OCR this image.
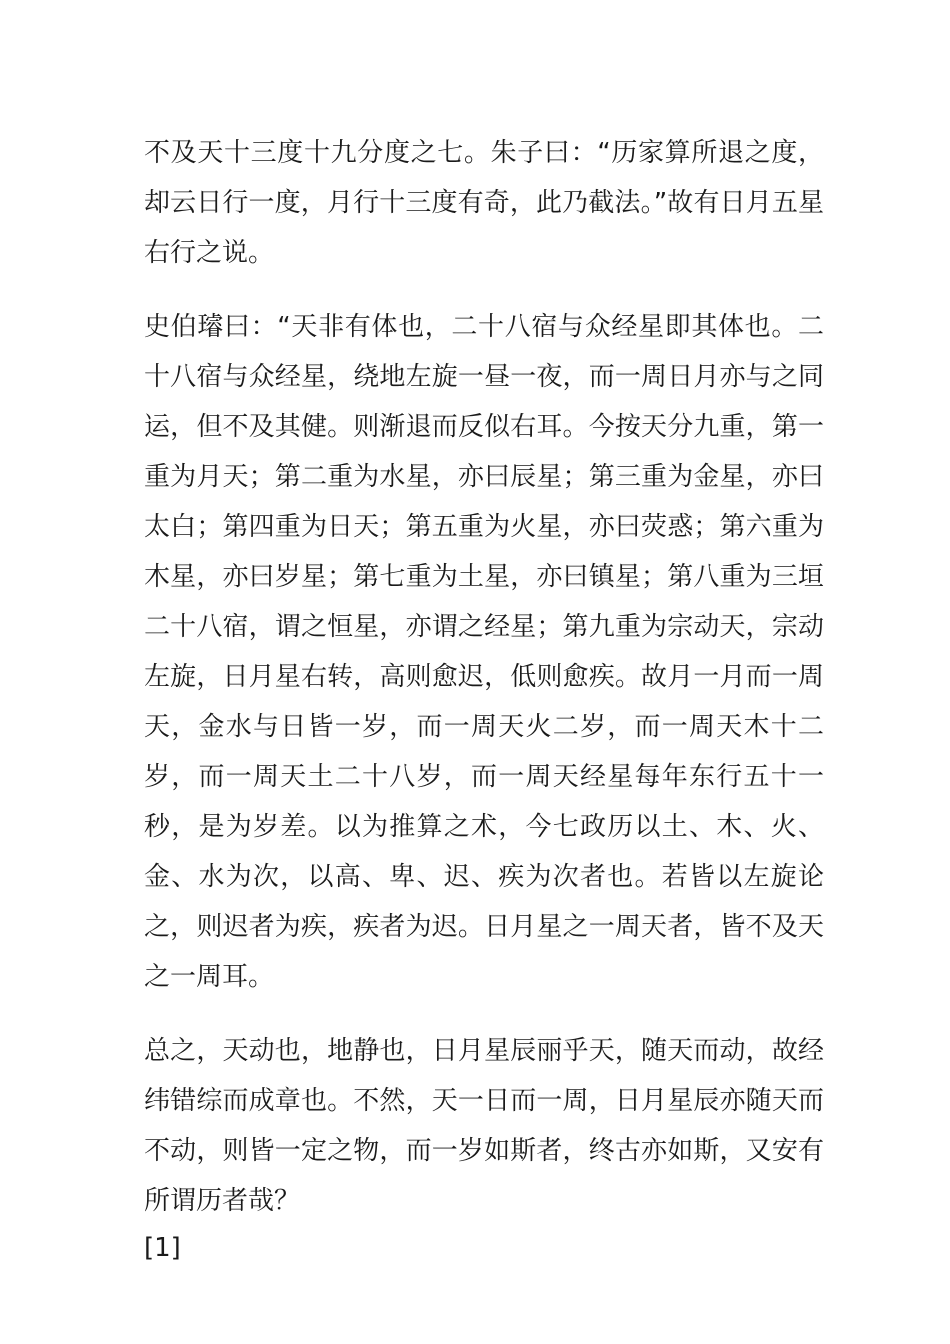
不及天十三度十九分度之七。朱子曰：“历家算所退之度，却云日行一度，月行十三度有奇，此乃截法。”故有日月五星右行之说。

史伯璿曰：“天非有体也，二十八宿与众经星即其体也。二十八宿与众经星，绕地左旋一昼一夜，而一周日月亦与之同运，但不及其健。则渐退而反似右耳。今按天分九重，第一重为月天；第二重为水星，亦曰辰星；第三重为金星，亦曰太白；第四重为日天；第五重为火星，亦曰荧惑；第六重为木星，亦曰岁星；第七重为土星，亦曰镇星；第八重为三垣二十八宿，谓之恒星，亦谓之经星；第九重为宗动天，宗动左旋，日月星右转，高则愈迟，低则愈疾。故月一月而一周天，金水与日皆一岁，而一周天火二岁，而一周天木十二岁，而一周天土二十八岁，而一周天经星每年东行五十一秒，是为岁差。以为推算之术，今七政历以土、木、火、金、水为次，以高、卑、迟、疾为次者也。若皆以左旋论之，则迟者为疾，疾者为迟。日月星之一周天者，皆不及天之一周耳。

总之，天动也，地静也，日月星辰丽乎天，随天而动，故经纬错综而成章也。不然，天一日而一周，日月星辰亦随天而不动，则皆一定之物，而一岁如斯者，终古亦如斯，又安有所谓历者哉？

[1]
